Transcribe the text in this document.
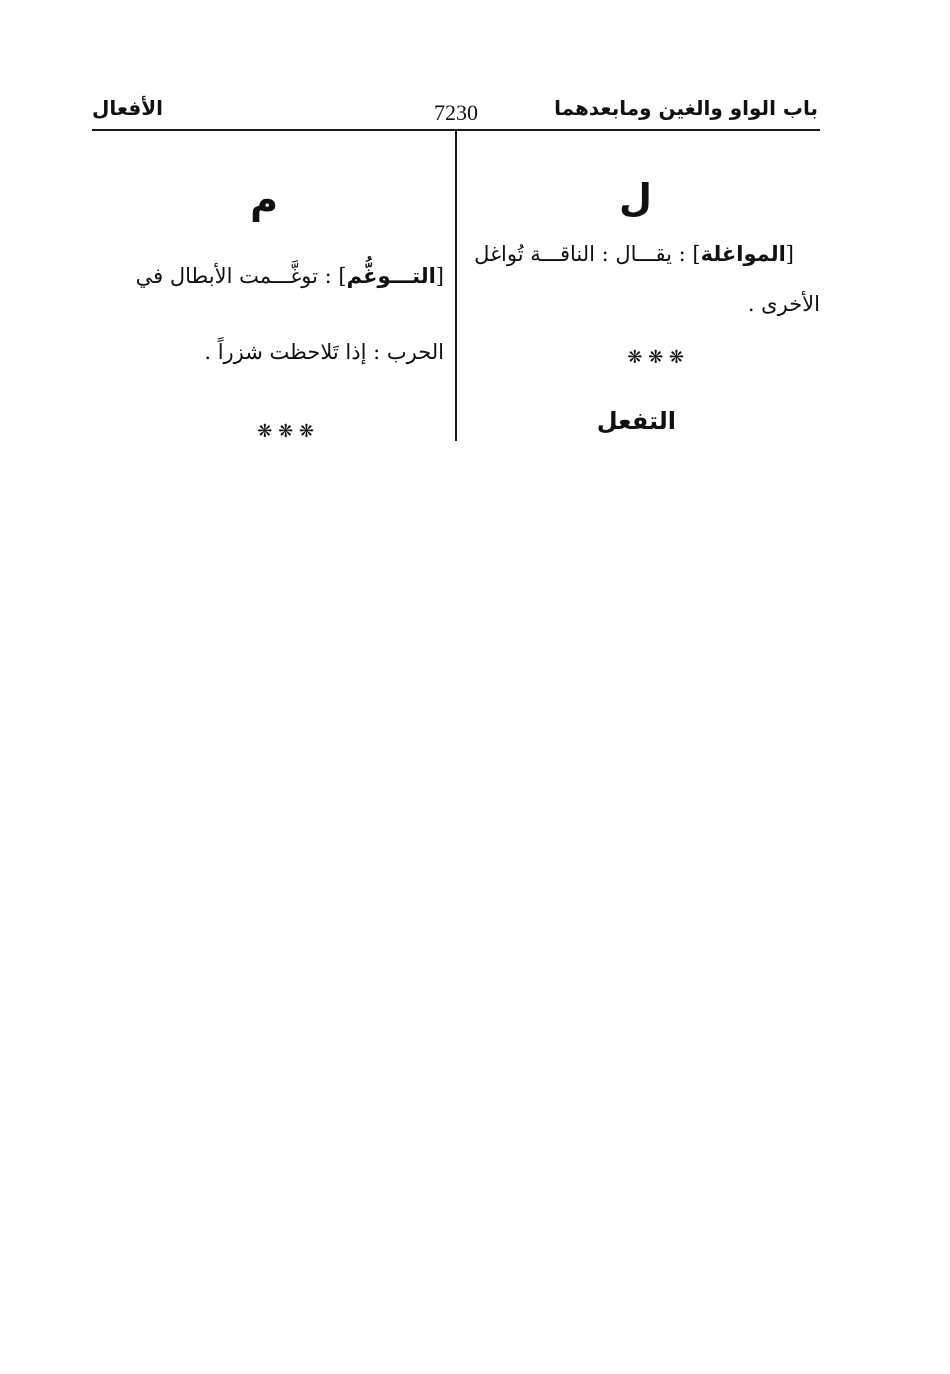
باب الواو والغين ومابعدهما
7230
الأفعال
ل
[المواغلة] : يقـــال : الناقـــة تُواغل
الأخرى .
❋ ❋ ❋
التفعل
م
[التـــوغُّم] : توغَّـــمت الأبطال في
الحرب : إذا تَلاحظت شزراً .
❋ ❋ ❋
